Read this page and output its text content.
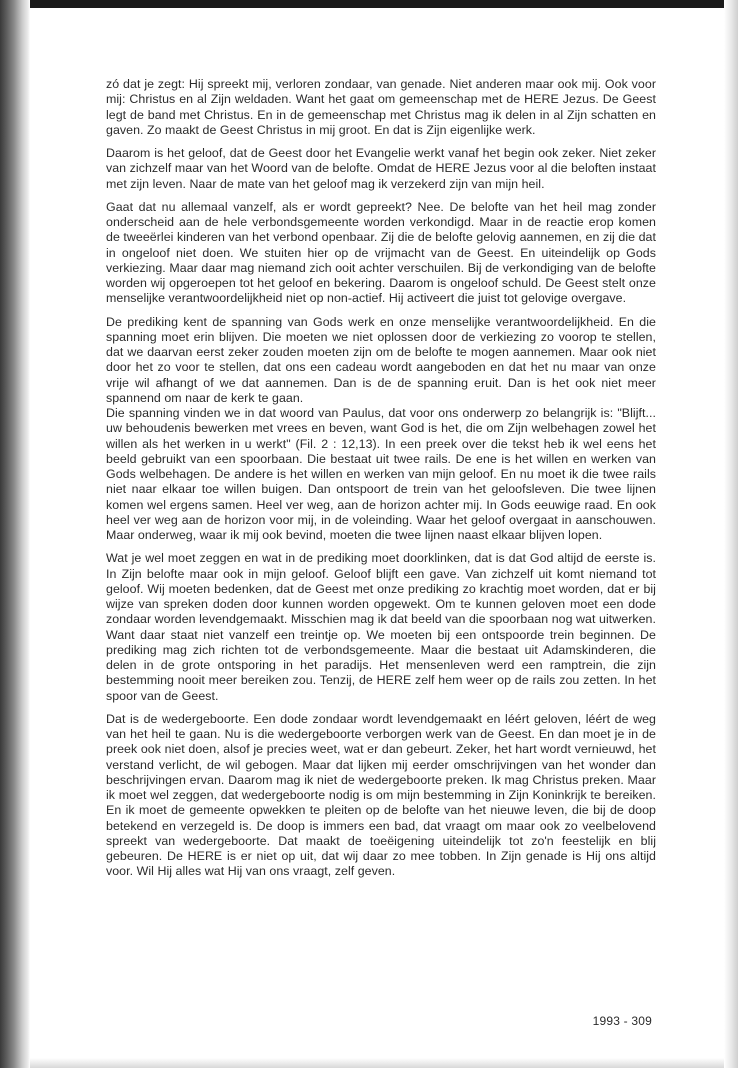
zó dat je zegt: Hij spreekt mij, verloren zondaar, van genade. Niet anderen maar ook mij. Ook voor mij: Christus en al Zijn weldaden. Want het gaat om gemeenschap met de HERE Jezus. De Geest legt de band met Christus. En in de gemeenschap met Christus mag ik delen in al Zijn schatten en gaven. Zo maakt de Geest Christus in mij groot. En dat is Zijn eigenlijke werk.

Daarom is het geloof, dat de Geest door het Evangelie werkt vanaf het begin ook zeker. Niet zeker van zichzelf maar van het Woord van de belofte. Omdat de HERE Jezus voor al die beloften instaat met zijn leven. Naar de mate van het geloof mag ik verzekerd zijn van mijn heil.

Gaat dat nu allemaal vanzelf, als er wordt gepreekt? Nee. De belofte van het heil mag zonder onderscheid aan de hele verbondsgemeente worden verkondigd. Maar in de reactie erop komen de tweeërlei kinderen van het verbond openbaar. Zij die de belofte gelovig aannemen, en zij die dat in ongeloof niet doen. We stuiten hier op de vrijmacht van de Geest. En uiteindelijk op Gods verkiezing. Maar daar mag niemand zich ooit achter verschuilen. Bij de verkondiging van de belofte worden wij opgeroepen tot het geloof en bekering. Daarom is ongeloof schuld. De Geest stelt onze menselijke verantwoordelijkheid niet op non-actief. Hij activeert die juist tot gelovige overgave.

De prediking kent de spanning van Gods werk en onze menselijke verantwoordelijkheid. En die spanning moet erin blijven. Die moeten we niet oplossen door de verkiezing zo voorop te stellen, dat we daarvan eerst zeker zouden moeten zijn om de belofte te mogen aannemen. Maar ook niet door het zo voor te stellen, dat ons een cadeau wordt aangeboden en dat het nu maar van onze vrije wil afhangt of we dat aannemen. Dan is de de spanning eruit. Dan is het ook niet meer spannend om naar de kerk te gaan.

Die spanning vinden we in dat woord van Paulus, dat voor ons onderwerp zo belangrijk is: "Blijft... uw behoudenis bewerken met vrees en beven, want God is het, die om Zijn welbehagen zowel het willen als het werken in u werkt" (Fil. 2 : 12,13). In een preek over die tekst heb ik wel eens het beeld gebruikt van een spoorbaan. Die bestaat uit twee rails. De ene is het willen en werken van Gods welbehagen. De andere is het willen en werken van mijn geloof. En nu moet ik die twee rails niet naar elkaar toe willen buigen. Dan ontspoort de trein van het geloofsleven. Die twee lijnen komen wel ergens samen. Heel ver weg, aan de horizon achter mij. In Gods eeuwige raad. En ook heel ver weg aan de horizon voor mij, in de voleinding. Waar het geloof overgaat in aanschouwen. Maar onderweg, waar ik mij ook bevind, moeten die twee lijnen naast elkaar blijven lopen.

Wat je wel moet zeggen en wat in de prediking moet doorklinken, dat is dat God altijd de eerste is. In Zijn belofte maar ook in mijn geloof. Geloof blijft een gave. Van zichzelf uit komt niemand tot geloof. Wij moeten bedenken, dat de Geest met onze prediking zo krachtig moet worden, dat er bij wijze van spreken doden door kunnen worden opgewekt. Om te kunnen geloven moet een dode zondaar worden levendgemaakt. Misschien mag ik dat beeld van die spoorbaan nog wat uitwerken. Want daar staat niet vanzelf een treintje op. We moeten bij een ontspoorde trein beginnen. De prediking mag zich richten tot de verbondsgemeente. Maar die bestaat uit Adamskinderen, die delen in de grote ontsporing in het paradijs. Het mensenleven werd een ramptrein, die zijn bestemming nooit meer bereiken zou. Tenzij, de HERE zelf hem weer op de rails zou zetten. In het spoor van de Geest.

Dat is de wedergeboorte. Een dode zondaar wordt levendgemaakt en léért geloven, léért de weg van het heil te gaan. Nu is die wedergeboorte verborgen werk van de Geest. En dan moet je in de preek ook niet doen, alsof je precies weet, wat er dan gebeurt. Zeker, het hart wordt vernieuwd, het verstand verlicht, de wil gebogen. Maar dat lijken mij eerder omschrijvingen van het wonder dan beschrijvingen ervan. Daarom mag ik niet de wedergeboorte preken. Ik mag Christus preken. Maar ik moet wel zeggen, dat wedergeboorte nodig is om mijn bestemming in Zijn Koninkrijk te bereiken. En ik moet de gemeente opwekken te pleiten op de belofte van het nieuwe leven, die bij de doop betekend en verzegeld is. De doop is immers een bad, dat vraagt om maar ook zo veelbelovend spreekt van wedergeboorte. Dat maakt de toeëigening uiteindelijk tot zo'n feestelijk en blij gebeuren. De HERE is er niet op uit, dat wij daar zo mee tobben. In Zijn genade is Hij ons altijd voor. Wil Hij alles wat Hij van ons vraagt, zelf geven.

1993 - 309
